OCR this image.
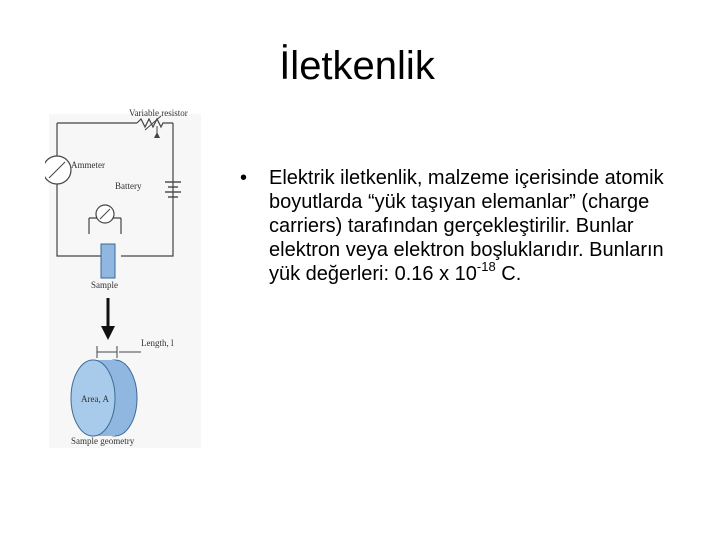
İletkenlik
Ammeter
Battery
Variable resistor
Sample
Length, l
Area, A
Sample geometry
• Elektrik iletkenlik, malzeme içerisinde atomik boyutlarda “yük taşıyan elemanlar” (charge carriers) tarafından gerçekleştirilir. Bunlar elektron veya elektron boşluklarıdır. Bunların yük değerleri: 0.16 x $10^{-18}$ C.
